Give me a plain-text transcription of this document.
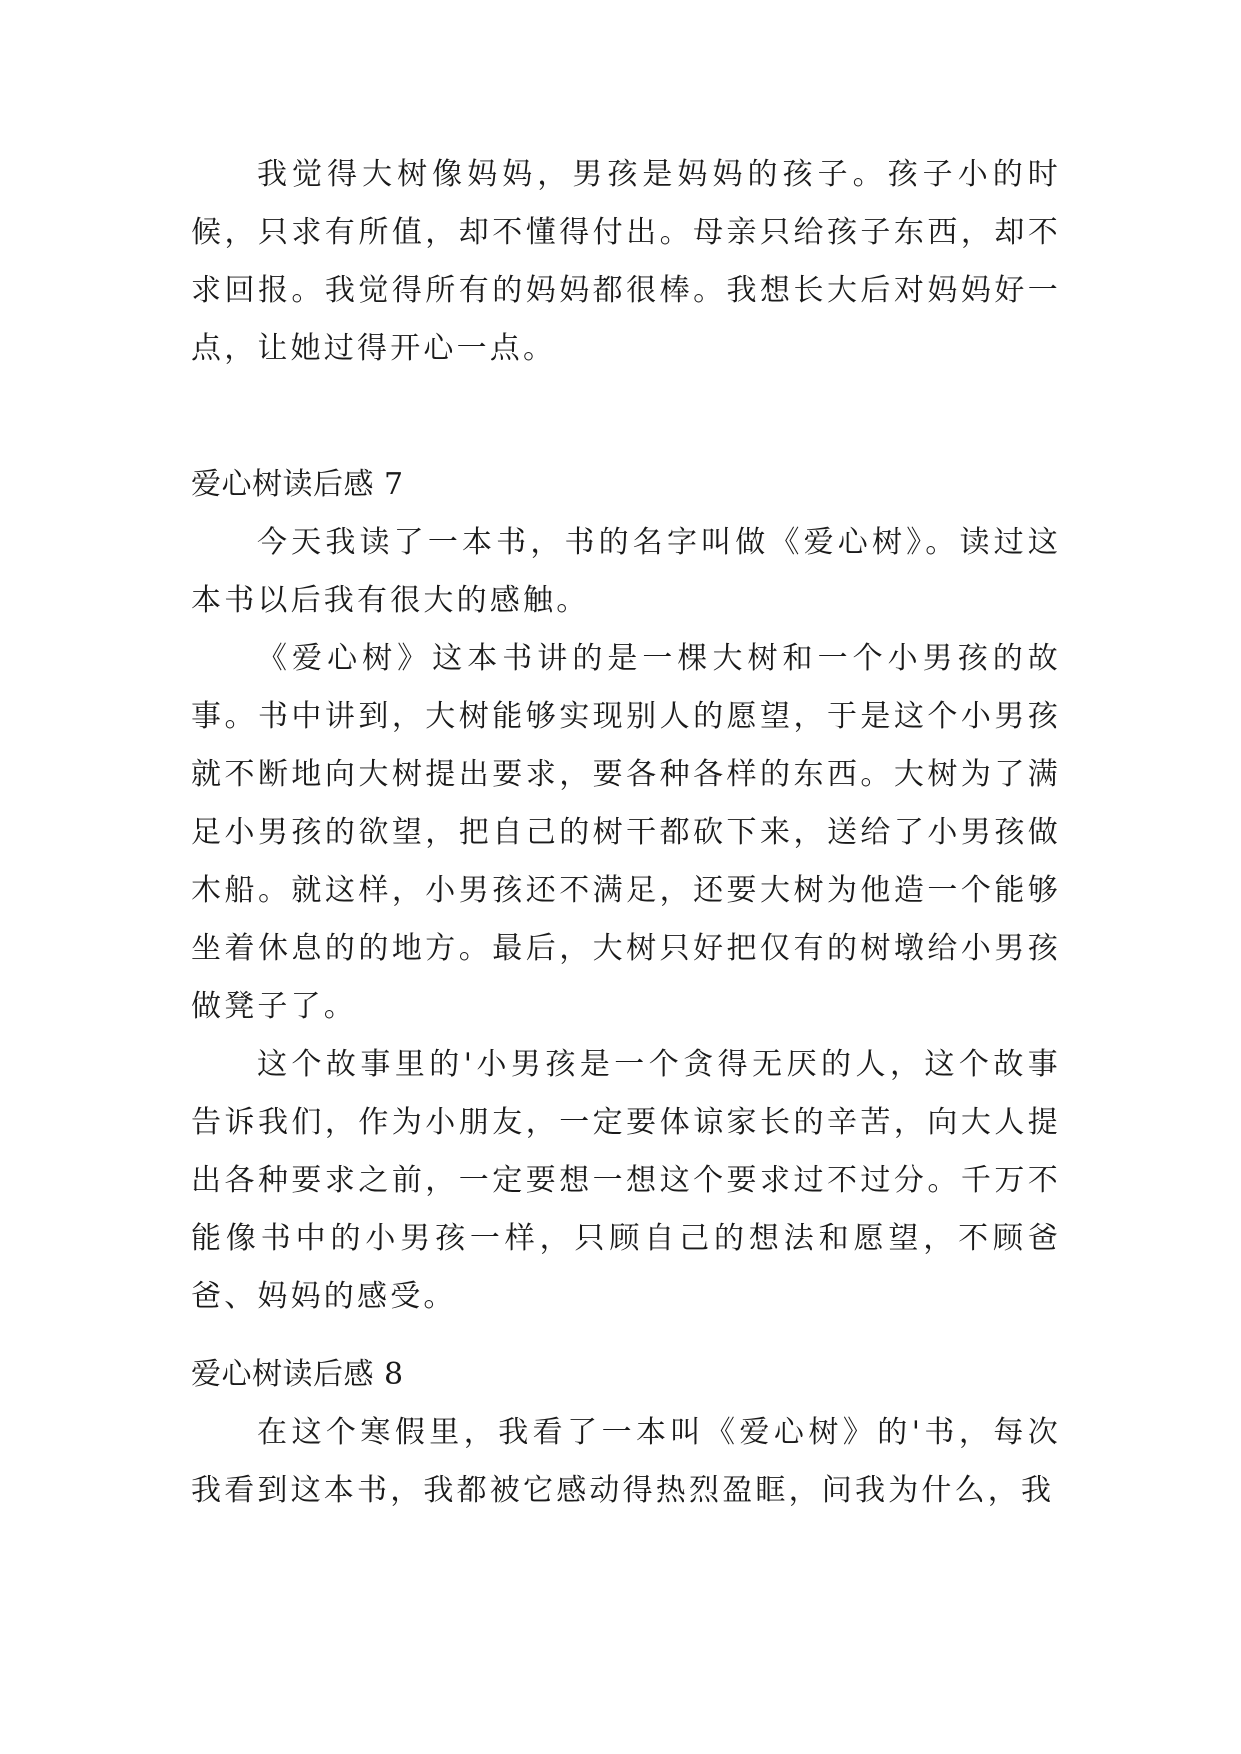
我觉得大树像妈妈，男孩是妈妈的孩子。孩子小的时候，只求有所值，却不懂得付出。母亲只给孩子东西，却不求回报。我觉得所有的妈妈都很棒。我想长大后对妈妈好一点，让她过得开心一点。

爱心树读后感 7

今天我读了一本书，书的名字叫做《爱心树》。读过这本书以后我有很大的感触。

《爱心树》这本书讲的是一棵大树和一个小男孩的故事。书中讲到，大树能够实现别人的愿望，于是这个小男孩就不断地向大树提出要求，要各种各样的东西。大树为了满足小男孩的欲望，把自己的树干都砍下来，送给了小男孩做木船。就这样，小男孩还不满足，还要大树为他造一个能够坐着休息的的地方。最后，大树只好把仅有的树墩给小男孩做凳子了。

这个故事里的'小男孩是一个贪得无厌的人，这个故事告诉我们，作为小朋友，一定要体谅家长的辛苦，向大人提出各种要求之前，一定要想一想这个要求过不过分。千万不能像书中的小男孩一样，只顾自己的想法和愿望，不顾爸爸、妈妈的感受。

爱心树读后感 8

在这个寒假里，我看了一本叫《爱心树》的'书，每次我看到这本书，我都被它感动得热烈盈眶，问我为什么，我
